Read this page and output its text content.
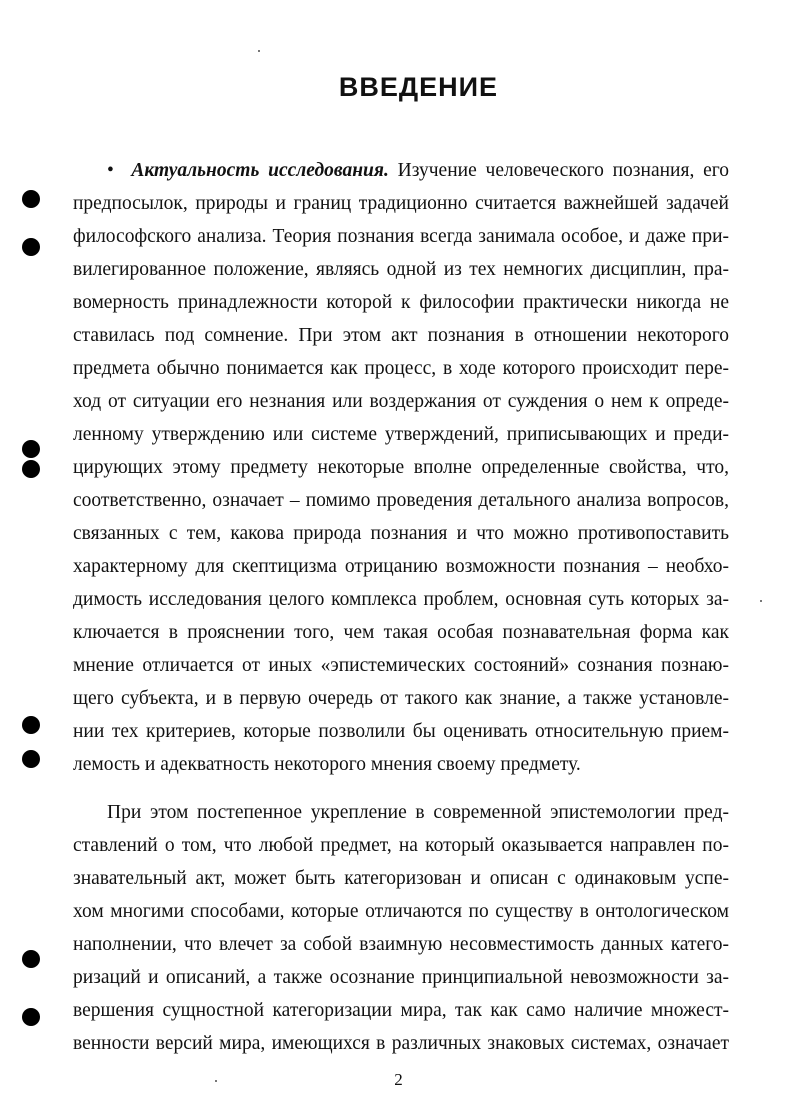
ВВЕДЕНИЕ
• Актуальность исследования. Изучение человеческого познания, его
предпосылок, природы и границ традиционно считается важнейшей задачей
философского анализа. Теория познания всегда занимала особое, и даже при-
вилегированное положение, являясь одной из тех немногих дисциплин, пра-
вомерность принадлежности которой к философии практически никогда не
ставилась под сомнение. При этом акт познания в отношении некоторого
предмета обычно понимается как процесс, в ходе которого происходит пере-
ход от ситуации его незнания или воздержания от суждения о нем к опреде-
ленному утверждению или системе утверждений, приписывающих и преди-
цирующих этому предмету некоторые вполне определенные свойства, что,
соответственно, означает – помимо проведения детального анализа вопросов,
связанных с тем, какова природа познания и что можно противопоставить
характерному для скептицизма отрицанию возможности познания – необхо-
димость исследования целого комплекса проблем, основная суть которых за-
ключается в прояснении того, чем такая особая познавательная форма как
мнение отличается от иных «эпистемических состояний» сознания познаю-
щего субъекта, и в первую очередь от такого как знание, а также установле-
нии тех критериев, которые позволили бы оценивать относительную прием-
лемость и адекватность некоторого мнения своему предмету.
При этом постепенное укрепление в современной эпистемологии пред-
ставлений о том, что любой предмет, на который оказывается направлен по-
знавательный акт, может быть категоризован и описан с одинаковым успе-
хом многими способами, которые отличаются по существу в онтологическом
наполнении, что влечет за собой взаимную несовместимость данных катего-
ризаций и описаний, а также осознание принципиальной невозможности за-
вершения сущностной категоризации мира, так как само наличие множест-
венности версий мира, имеющихся в различных знаковых системах, означает
2
